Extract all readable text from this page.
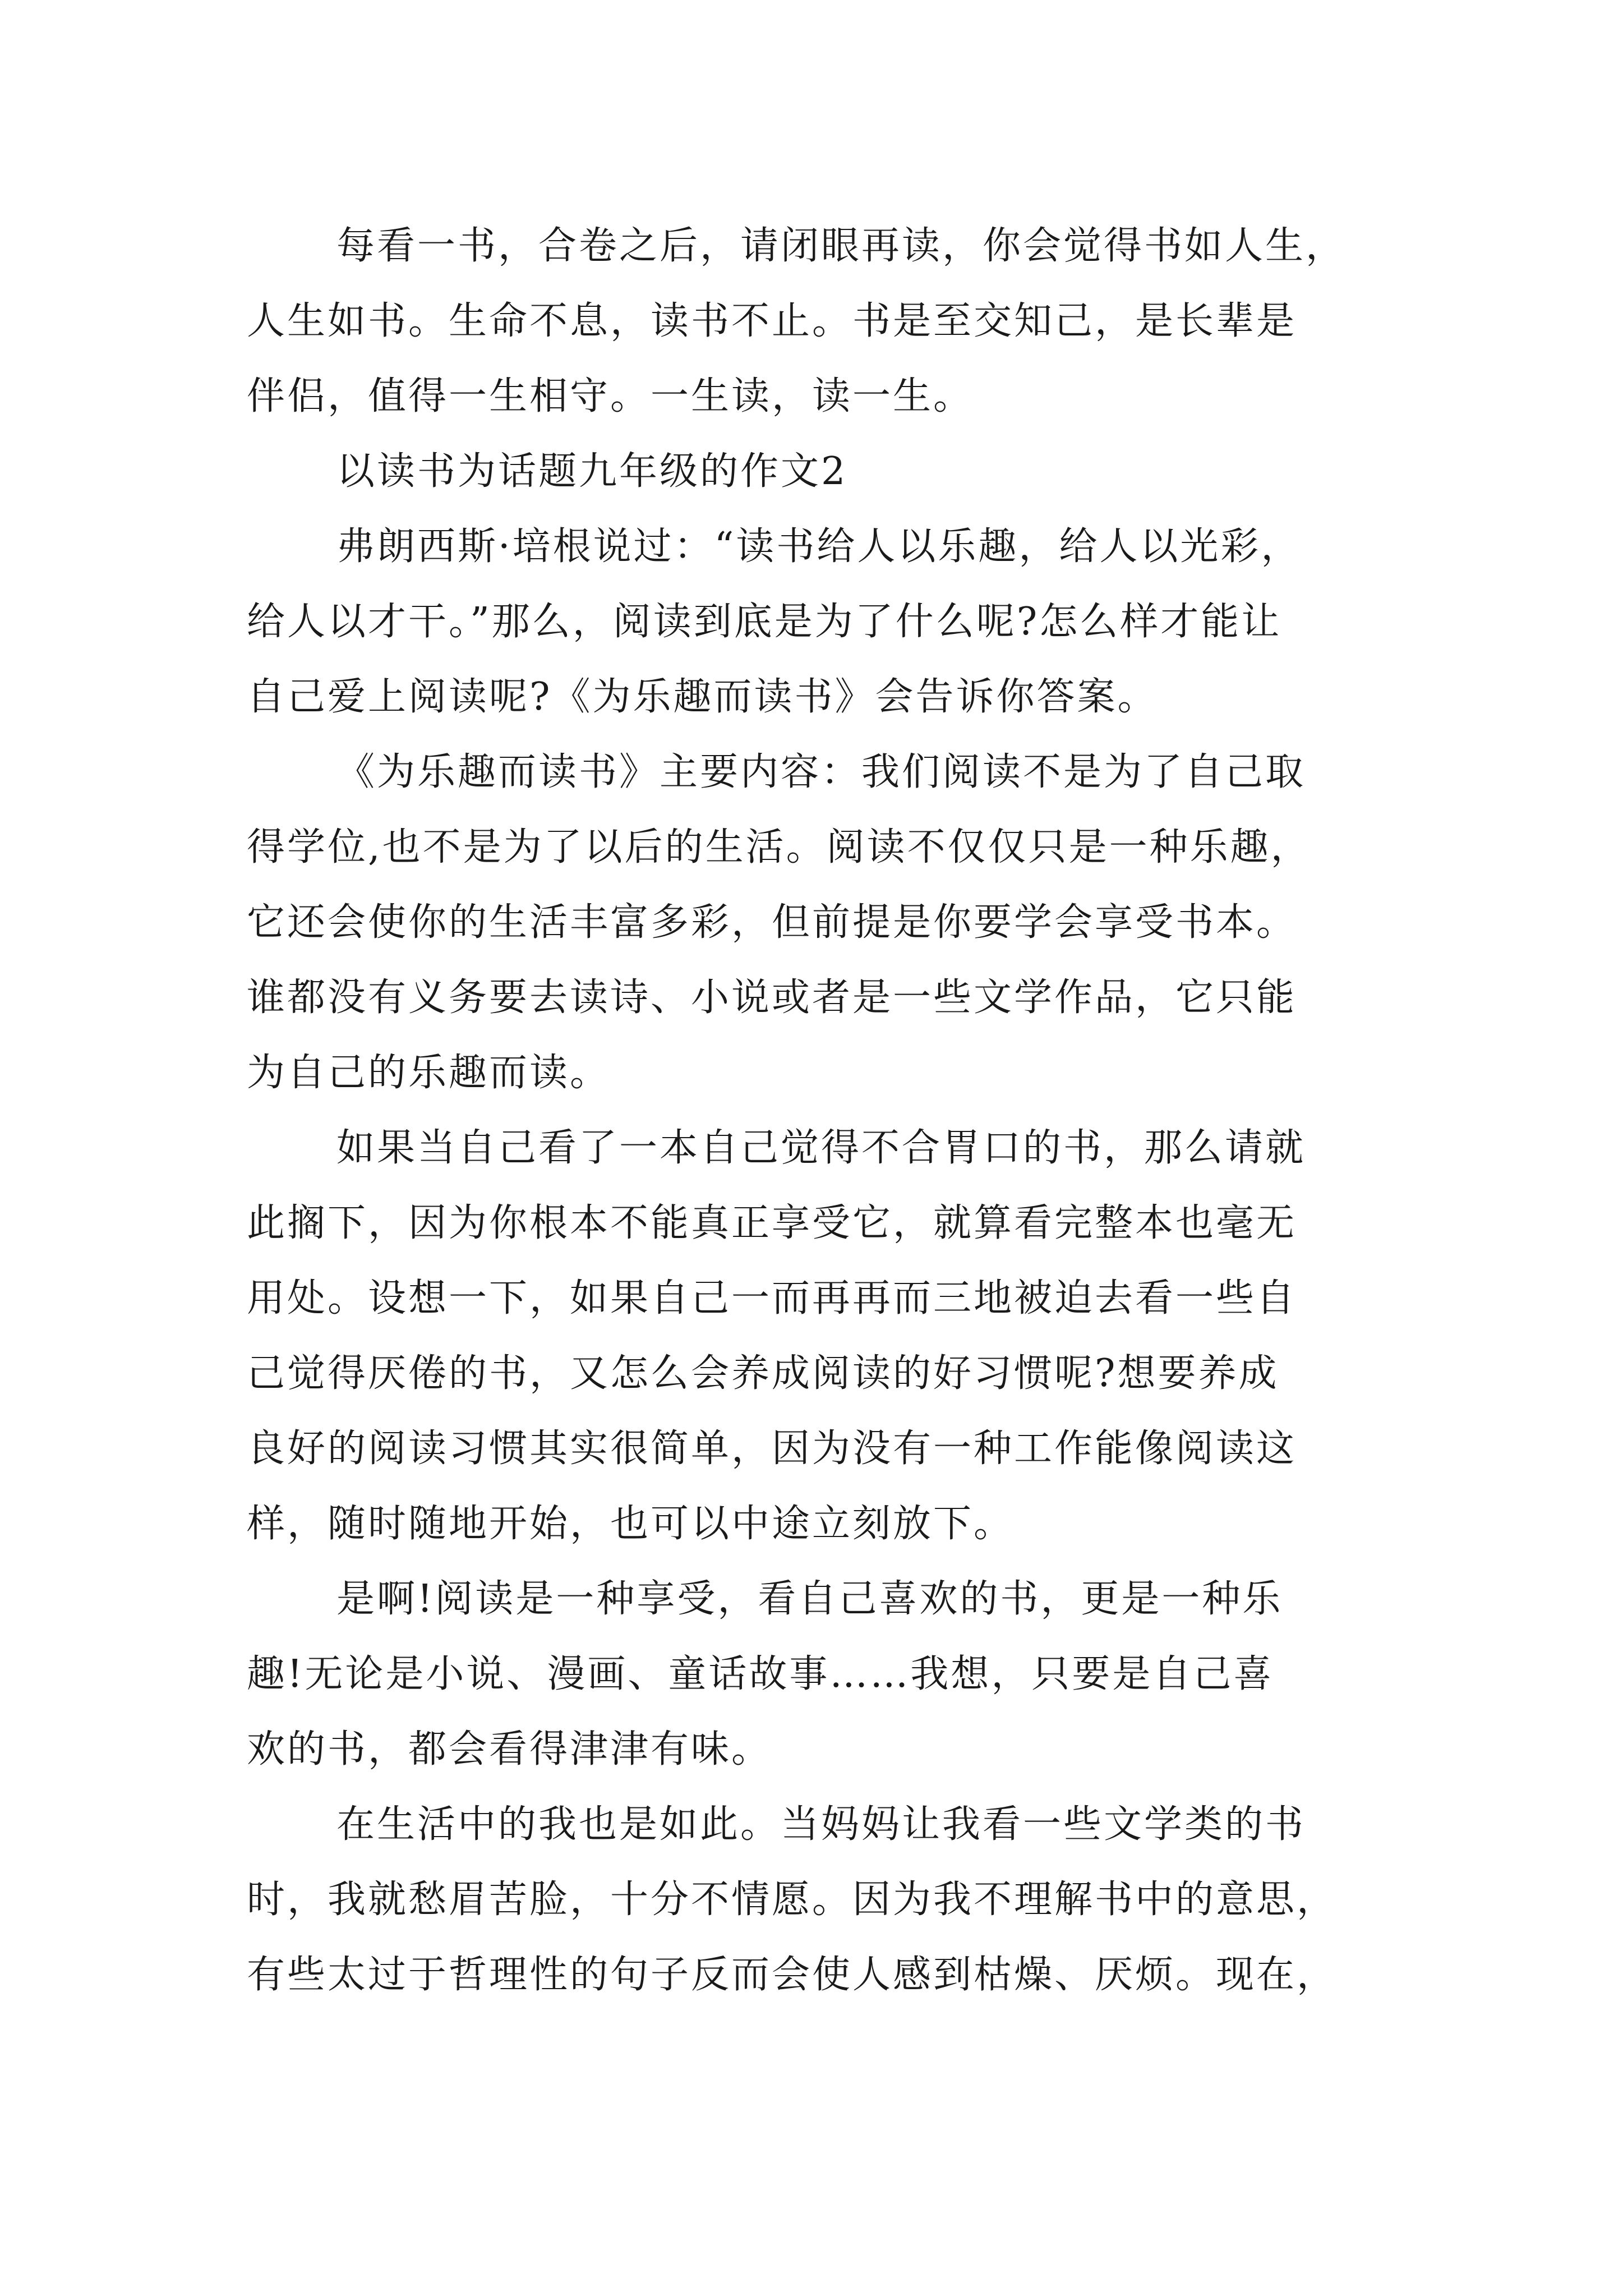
每看一书，合卷之后，请闭眼再读，你会觉得书如人生，
人生如书。生命不息，读书不止。书是至交知己，是长辈是
伴侣，值得一生相守。一生读，读一生。
以读书为话题九年级的作文2
弗朗西斯·培根说过：“读书给人以乐趣，给人以光彩，
给人以才干。”那么，阅读到底是为了什么呢?怎么样才能让
自己爱上阅读呢?《为乐趣而读书》会告诉你答案。
《为乐趣而读书》主要内容：我们阅读不是为了自己取
得学位,也不是为了以后的生活。阅读不仅仅只是一种乐趣，
它还会使你的生活丰富多彩，但前提是你要学会享受书本。
谁都没有义务要去读诗、小说或者是一些文学作品，它只能
为自己的乐趣而读。
如果当自己看了一本自己觉得不合胃口的书，那么请就
此搁下，因为你根本不能真正享受它，就算看完整本也毫无
用处。设想一下，如果自己一而再再而三地被迫去看一些自
己觉得厌倦的书，又怎么会养成阅读的好习惯呢?想要养成
良好的阅读习惯其实很简单，因为没有一种工作能像阅读这
样，随时随地开始，也可以中途立刻放下。
是啊!阅读是一种享受，看自己喜欢的书，更是一种乐
趣!无论是小说、漫画、童话故事……我想，只要是自己喜
欢的书，都会看得津津有味。
在生活中的我也是如此。当妈妈让我看一些文学类的书
时，我就愁眉苦脸，十分不情愿。因为我不理解书中的意思，
有些太过于哲理性的句子反而会使人感到枯燥、厌烦。现在，
